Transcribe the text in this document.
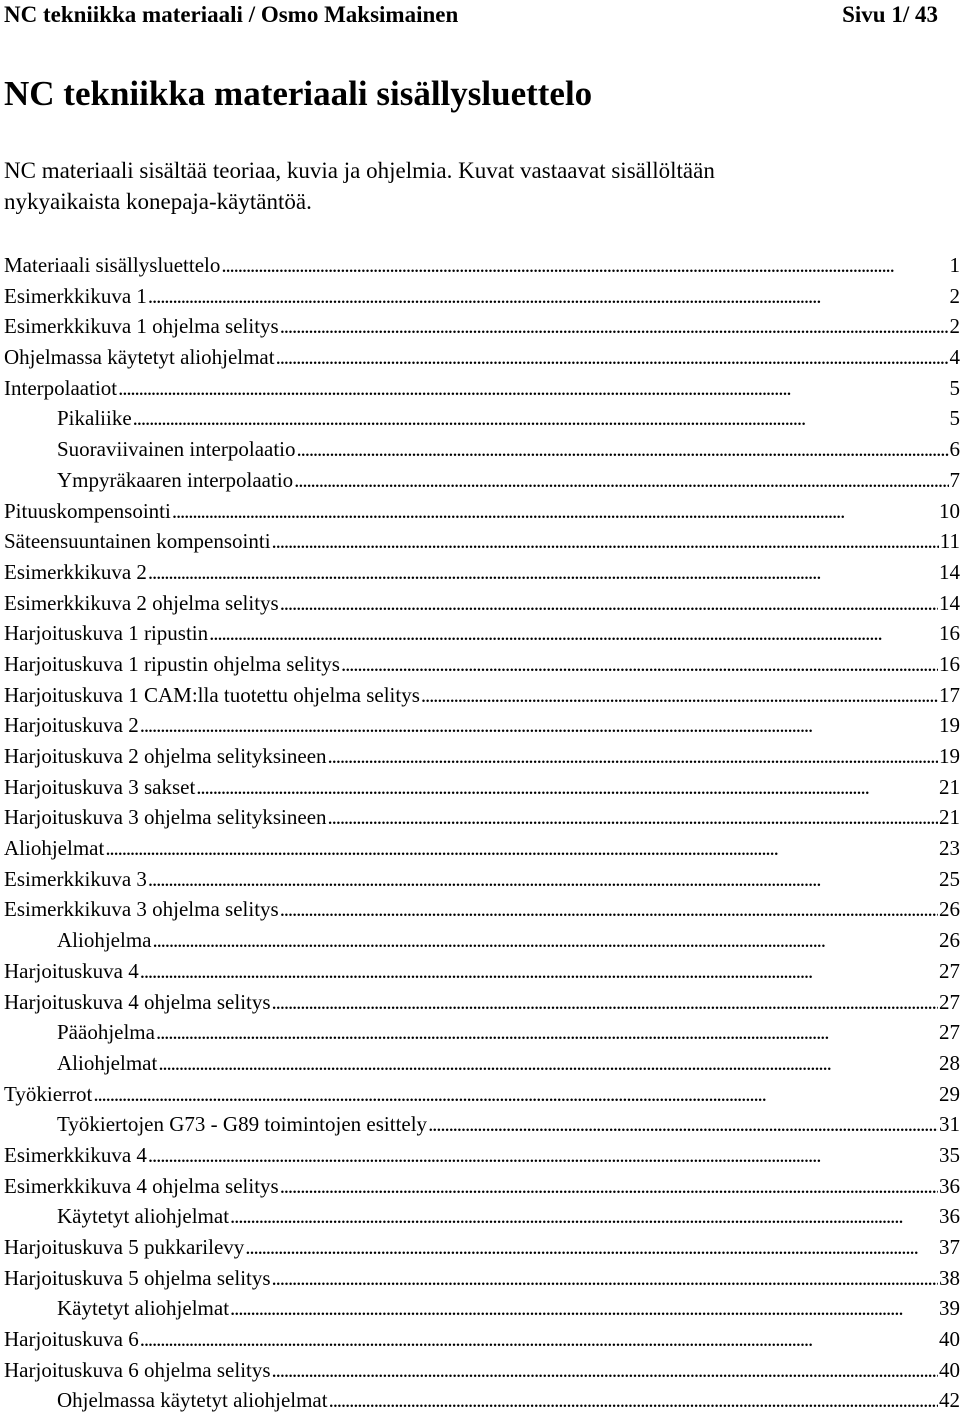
NC tekniikka materiaali / Osmo Maksimainen	Sivu 1/ 43
NC tekniikka materiaali sisällysluettelo
NC materiaali sisältää teoriaa, kuvia ja ohjelmia. Kuvat vastaavat sisällöltään
nykyaikaista konepaja-käytäntöä.
Materiaali sisällysluettelo . . .	1
Esimerkkikuva 1 . . .	2
Esimerkkikuva 1 ohjelma selitys . . .	2
Ohjelmassa käytetyt aliohjelmat . . .	4
Interpolaatiot . . .	5
Pikaliike . . .	5
Suoraviivainen interpolaatio . . .	6
Ympyräkaaren interpolaatio . . .	7
Pituuskompensointi . . .	10
Säteensuuntainen kompensointi . . .	11
Esimerkkikuva 2 . . .	14
Esimerkkikuva 2 ohjelma selitys . . .	14
Harjoituskuva 1 ripustin . . .	16
Harjoituskuva 1 ripustin ohjelma selitys . . .	16
Harjoituskuva 1 CAM:lla tuotettu ohjelma selitys . . .	17
Harjoituskuva 2 . . .	19
Harjoituskuva 2 ohjelma selityksineen . . .	19
Harjoituskuva 3 sakset . . .	21
Harjoituskuva 3 ohjelma selityksineen . . .	21
Aliohjelmat . . .	23
Esimerkkikuva 3 . . .	25
Esimerkkikuva 3 ohjelma selitys . . .	26
Aliohjelma . . .	26
Harjoituskuva 4 . . .	27
Harjoituskuva 4 ohjelma selitys . . .	27
Pääohjelma . . .	27
Aliohjelmat . . .	28
Työkierrot . . .	29
Työkiertojen G73 - G89 toimintojen esittely . . .	31
Esimerkkikuva 4 . . .	35
Esimerkkikuva 4 ohjelma selitys . . .	36
Käytetyt aliohjelmat . . .	36
Harjoituskuva 5 pukkarilevy . . .	37
Harjoituskuva 5 ohjelma selitys . . .	38
Käytetyt aliohjelmat . . .	39
Harjoituskuva 6 . . .	40
Harjoituskuva 6 ohjelma selitys . . .	40
Ohjelmassa käytetyt aliohjelmat . . .	42
